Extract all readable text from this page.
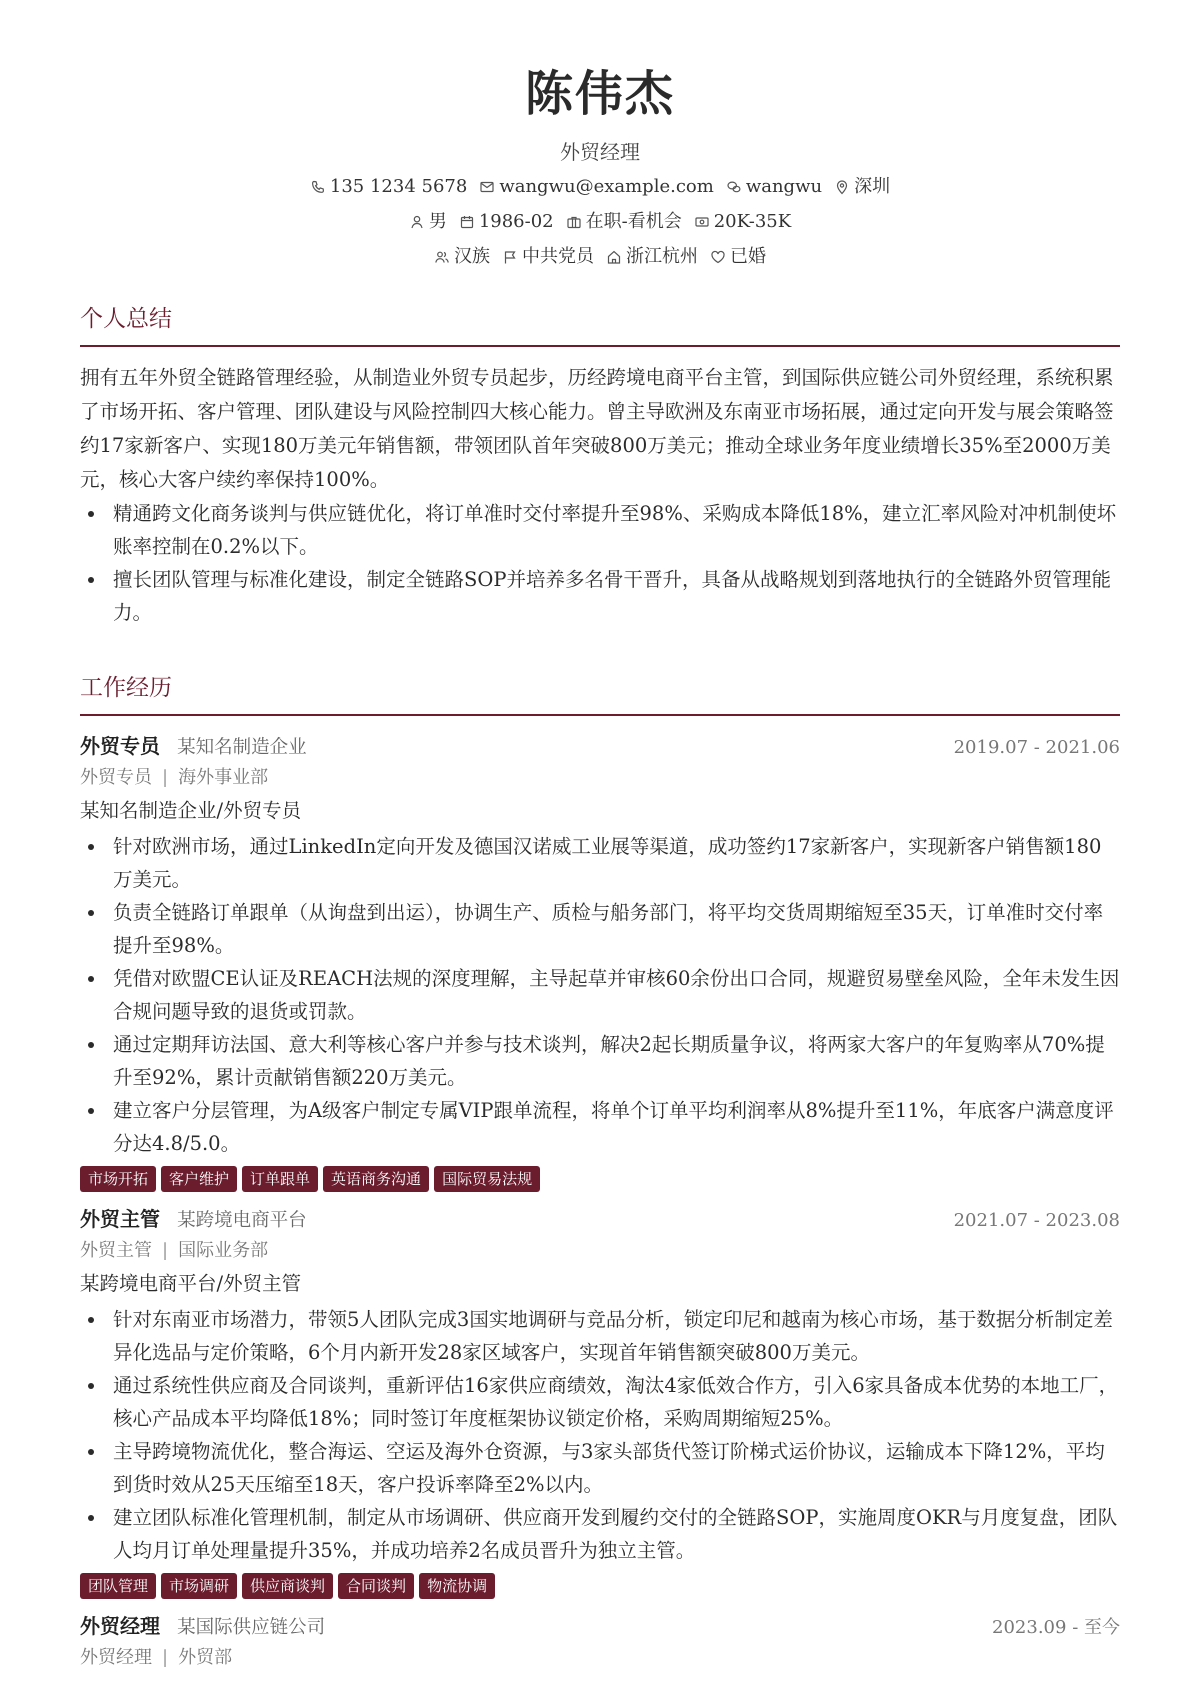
陈伟杰
外贸经理
135 1234 5678 wangwu@example.com wangwu 深圳
男 1986-02 在职-看机会 20K-35K
汉族 中共党员 浙江杭州 已婚
个人总结
拥有五年外贸全链路管理经验，从制造业外贸专员起步，历经跨境电商平台主管，到国际供应链公司外贸经理，系统积累了市场开拓、客户管理、团队建设与风险控制四大核心能力。曾主导欧洲及东南亚市场拓展，通过定向开发与展会策略签约17家新客户、实现180万美元年销售额，带领团队首年突破800万美元；推动全球业务年度业绩增长35%至2000万美元，核心大客户续约率保持100%。
精通跨文化商务谈判与供应链优化，将订单准时交付率提升至98%、采购成本降低18%，建立汇率风险对冲机制使坏账率控制在0.2%以下。
擅长团队管理与标准化建设，制定全链路SOP并培养多名骨干晋升，具备从战略规划到落地执行的全链路外贸管理能力。
工作经历
外贸专员 某知名制造企业	2019.07 - 2021.06
外贸专员 | 海外事业部
某知名制造企业/外贸专员
针对欧洲市场，通过LinkedIn定向开发及德国汉诺威工业展等渠道，成功签约17家新客户，实现新客户销售额180万美元。
负责全链路订单跟单（从询盘到出运），协调生产、质检与船务部门，将平均交货周期缩短至35天，订单准时交付率提升至98%。
凭借对欧盟CE认证及REACH法规的深度理解，主导起草并审核60余份出口合同，规避贸易壁垒风险，全年未发生因合规问题导致的退货或罚款。
通过定期拜访法国、意大利等核心客户并参与技术谈判，解决2起长期质量争议，将两家大客户的年复购率从70%提升至92%，累计贡献销售额220万美元。
建立客户分层管理，为A级客户制定专属VIP跟单流程，将单个订单平均利润率从8%提升至11%，年底客户满意度评分达4.8/5.0。
市场开拓	客户维护	订单跟单	英语商务沟通	国际贸易法规
外贸主管 某跨境电商平台	2021.07 - 2023.08
外贸主管 | 国际业务部
某跨境电商平台/外贸主管
针对东南亚市场潜力，带领5人团队完成3国实地调研与竞品分析，锁定印尼和越南为核心市场，基于数据分析制定差异化选品与定价策略，6个月内新开发28家区域客户，实现首年销售额突破800万美元。
通过系统性供应商及合同谈判，重新评估16家供应商绩效，淘汰4家低效合作方，引入6家具备成本优势的本地工厂，核心产品成本平均降低18%；同时签订年度框架协议锁定价格，采购周期缩短25%。
主导跨境物流优化，整合海运、空运及海外仓资源，与3家头部货代签订阶梯式运价协议，运输成本下降12%，平均到货时效从25天压缩至18天，客户投诉率降至2%以内。
建立团队标准化管理机制，制定从市场调研、供应商开发到履约交付的全链路SOP，实施周度OKR与月度复盘，团队人均月订单处理量提升35%，并成功培养2名成员晋升为独立主管。
团队管理	市场调研	供应商谈判	合同谈判	物流协调
外贸经理 某国际供应链公司	2023.09 - 至今
外贸经理 | 外贸部
